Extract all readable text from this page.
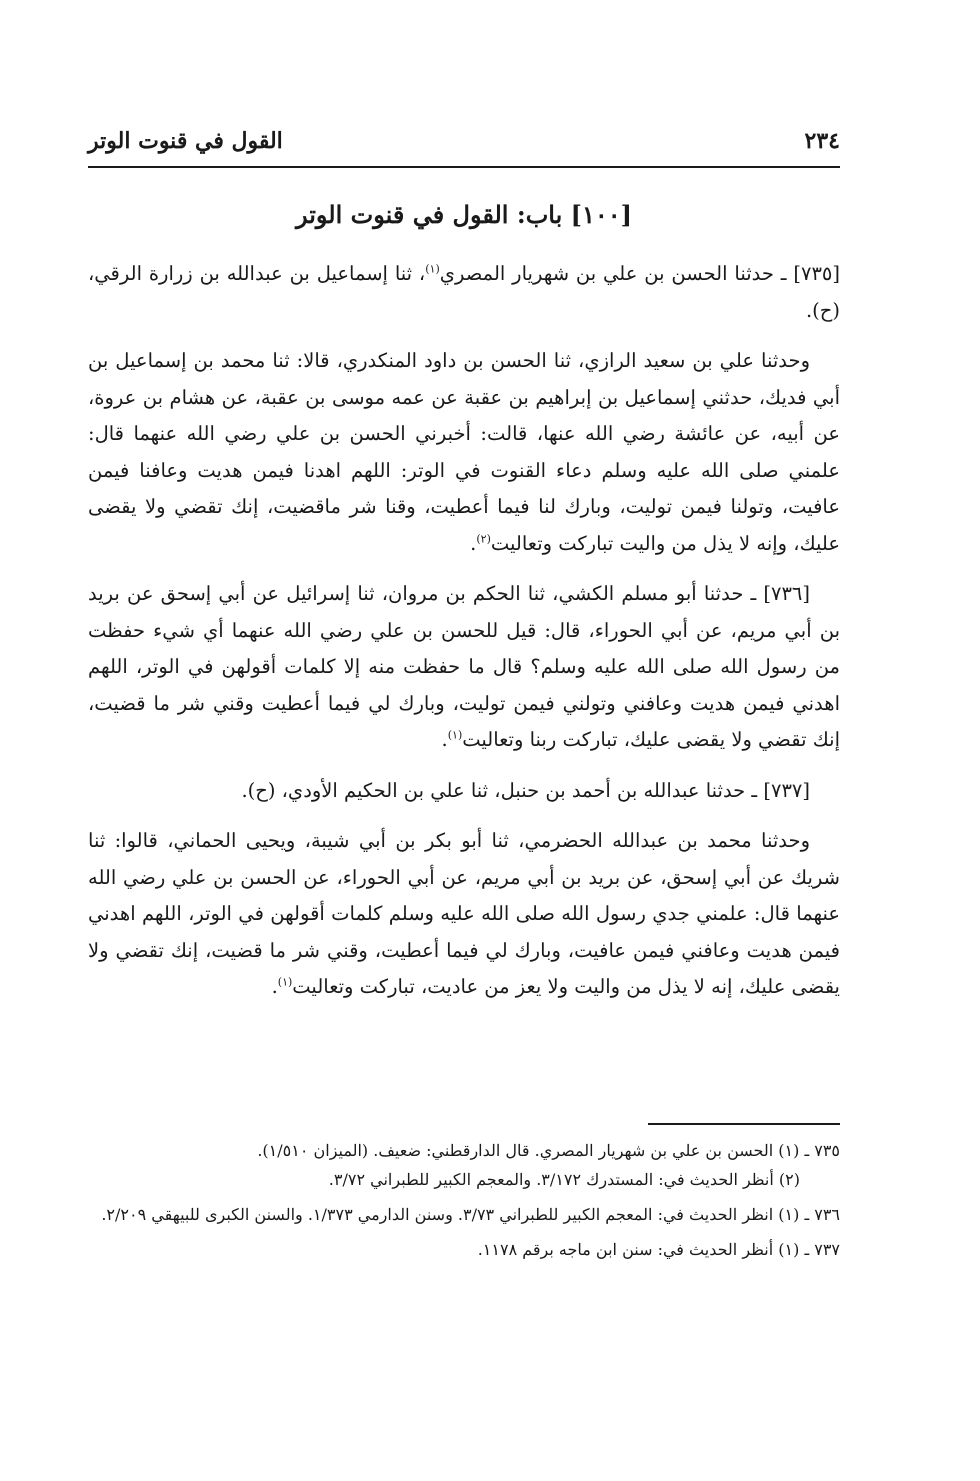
٢٣٤
القول في قنوت الوتر
[١٠٠] باب: القول في قنوت الوتر

[٧٣٥] ـ حدثنا الحسن بن علي بن شهريار المصري$^{(١)}$، ثنا إسماعيل بن عبدالله بن زرارة الرقي، (ح).

وحدثنا علي بن سعيد الرازي، ثنا الحسن بن داود المنكدري، قالا: ثنا محمد بن إسماعيل بن أبي فديك، حدثني إسماعيل بن إبراهيم بن عقبة عن عمه موسى بن عقبة، عن هشام بن عروة، عن أبيه، عن عائشة رضي الله عنها، قالت: أخبرني الحسن بن علي رضي الله عنهما قال: علمني صلى الله عليه وسلم دعاء القنوت في الوتر: اللهم اهدنا فيمن هديت وعافنا فيمن عافيت، وتولنا فيمن توليت، وبارك لنا فيما أعطيت، وقنا شر ماقضيت، إنك تقضي ولا يقضى عليك، وإنه لا يذل من واليت تباركت وتعاليت$^{(٢)}$.

[٧٣٦] ـ حدثنا أبو مسلم الكشي، ثنا الحكم بن مروان، ثنا إسرائيل عن أبي إسحق عن بريد بن أبي مريم، عن أبي الحوراء، قال: قيل للحسن بن علي رضي الله عنهما أي شيء حفظت من رسول الله صلى الله عليه وسلم؟ قال ما حفظت منه إلا كلمات أقولهن في الوتر، اللهم اهدني فيمن هديت وعافني وتولني فيمن توليت، وبارك لي فيما أعطيت وقني شر ما قضيت، إنك تقضي ولا يقضى عليك، تباركت ربنا وتعاليت$^{(١)}$.

[٧٣٧] ـ حدثنا عبدالله بن أحمد بن حنبل، ثنا علي بن الحكيم الأودي، (ح).

وحدثنا محمد بن عبدالله الحضرمي، ثنا أبو بكر بن أبي شيبة، ويحيى الحماني، قالوا: ثنا شريك عن أبي إسحق، عن بريد بن أبي مريم، عن أبي الحوراء، عن الحسن بن علي رضي الله عنهما قال: علمني جدي رسول الله صلى الله عليه وسلم كلمات أقولهن في الوتر، اللهم اهدني فيمن هديت وعافني فيمن عافيت، وبارك لي فيما أعطيت، وقني شر ما قضيت، إنك تقضي ولا يقضى عليك، إنه لا يذل من واليت ولا يعز من عاديت، تباركت وتعاليت$^{(١)}$.

٧٣٥ ـ (١) الحسن بن علي بن شهريار المصري. قال الدارقطني: ضعيف. (الميزان ١/٥١٠).
(٢) أنظر الحديث في: المستدرك ٣/١٧٢. والمعجم الكبير للطبراني ٣/٧٢.
٧٣٦ ـ (١) انظر الحديث في: المعجم الكبير للطبراني ٣/٧٣. وسنن الدارمي ١/٣٧٣. والسنن الكبرى للبيهقي ٢/٢٠٩.
٧٣٧ ـ (١) أنظر الحديث في: سنن ابن ماجه برقم ١١٧٨.
